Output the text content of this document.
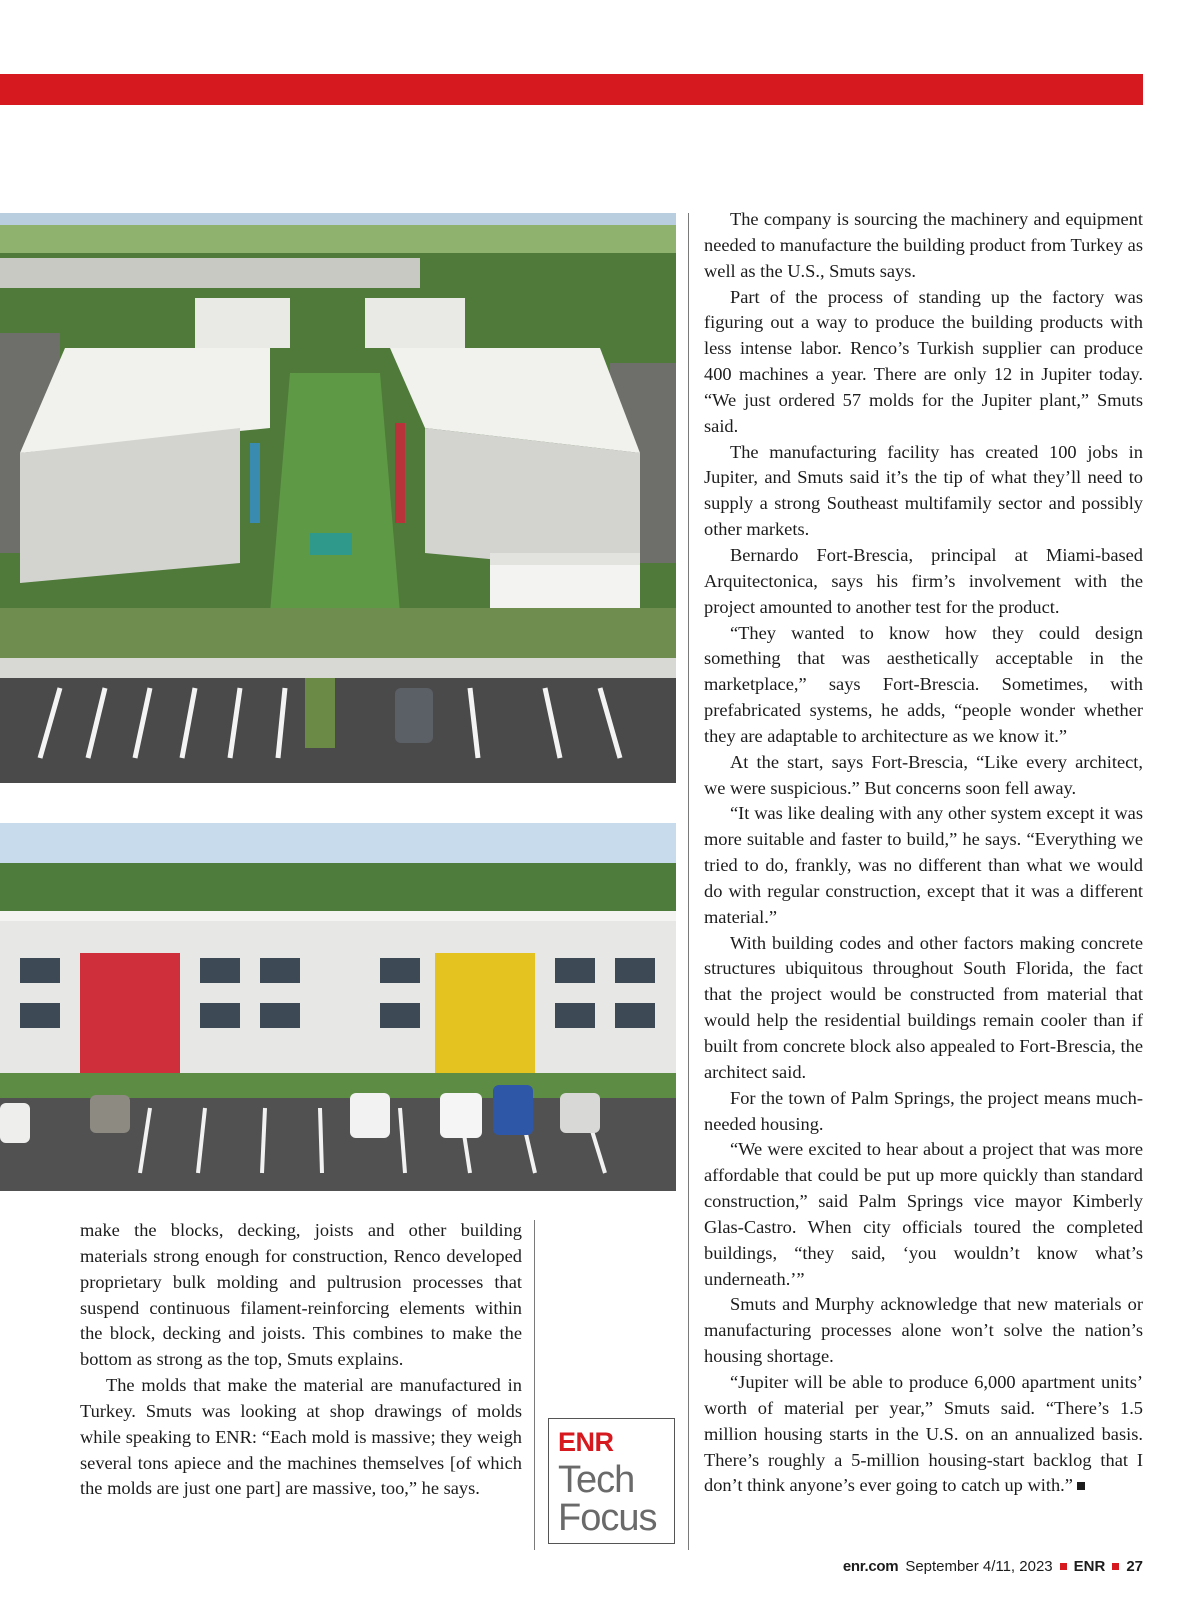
make the blocks, decking, joists and other building materials strong enough for construction, Renco developed proprietary bulk molding and pultrusion processes that suspend continuous filament-reinforcing elements within the block, decking and joists. This combines to make the bottom as strong as the top, Smuts explains.

The molds that make the material are manufactured in Turkey. Smuts was looking at shop drawings of molds while speaking to ENR: “Each mold is massive; they weigh several tons apiece and the machines themselves [of which the molds are just one part] are massive, too,” he says.

The company is sourcing the machinery and equipment needed to manufacture the building product from Turkey as well as the U.S., Smuts says.

Part of the process of standing up the factory was figuring out a way to produce the building products with less intense labor. Renco’s Turkish supplier can produce 400 machines a year. There are only 12 in Jupiter today. “We just ordered 57 molds for the Jupiter plant,” Smuts said.

The manufacturing facility has created 100 jobs in Jupiter, and Smuts said it’s the tip of what they’ll need to supply a strong Southeast multifamily sector and possibly other markets.

Bernardo Fort-Brescia, principal at Miami-based Arquitectonica, says his firm’s involvement with the project amounted to another test for the product.

“They wanted to know how they could design something that was aesthetically acceptable in the marketplace,” says Fort-Brescia. Sometimes, with prefabricated systems, he adds, “people wonder whether they are adaptable to architecture as we know it.”

At the start, says Fort-Brescia, “Like every architect, we were suspicious.” But concerns soon fell away.

“It was like dealing with any other system except it was more suitable and faster to build,” he says. “Everything we tried to do, frankly, was no different than what we would do with regular construction, except that it was a different material.”

With building codes and other factors making concrete structures ubiquitous throughout South Florida, the fact that the project would be constructed from material that would help the residential buildings remain cooler than if built from concrete block also appealed to Fort-Brescia, the architect said.

For the town of Palm Springs, the project means much-needed housing.

“We were excited to hear about a project that was more affordable that could be put up more quickly than standard construction,” said Palm Springs vice mayor Kimberly Glas-Castro. When city officials toured the completed buildings, “they said, ‘you wouldn’t know what’s underneath.’”

Smuts and Murphy acknowledge that new materials or manufacturing processes alone won’t solve the nation’s housing shortage.

“Jupiter will be able to produce 6,000 apartment units’ worth of material per year,” Smuts said. “There’s 1.5 million housing starts in the U.S. on an annualized basis. There’s roughly a 5-million housing-start backlog that I don’t think anyone’s ever going to catch up with.”

ENR
Tech
Focus
enr.com September 4/11, 2023 ENR 27
